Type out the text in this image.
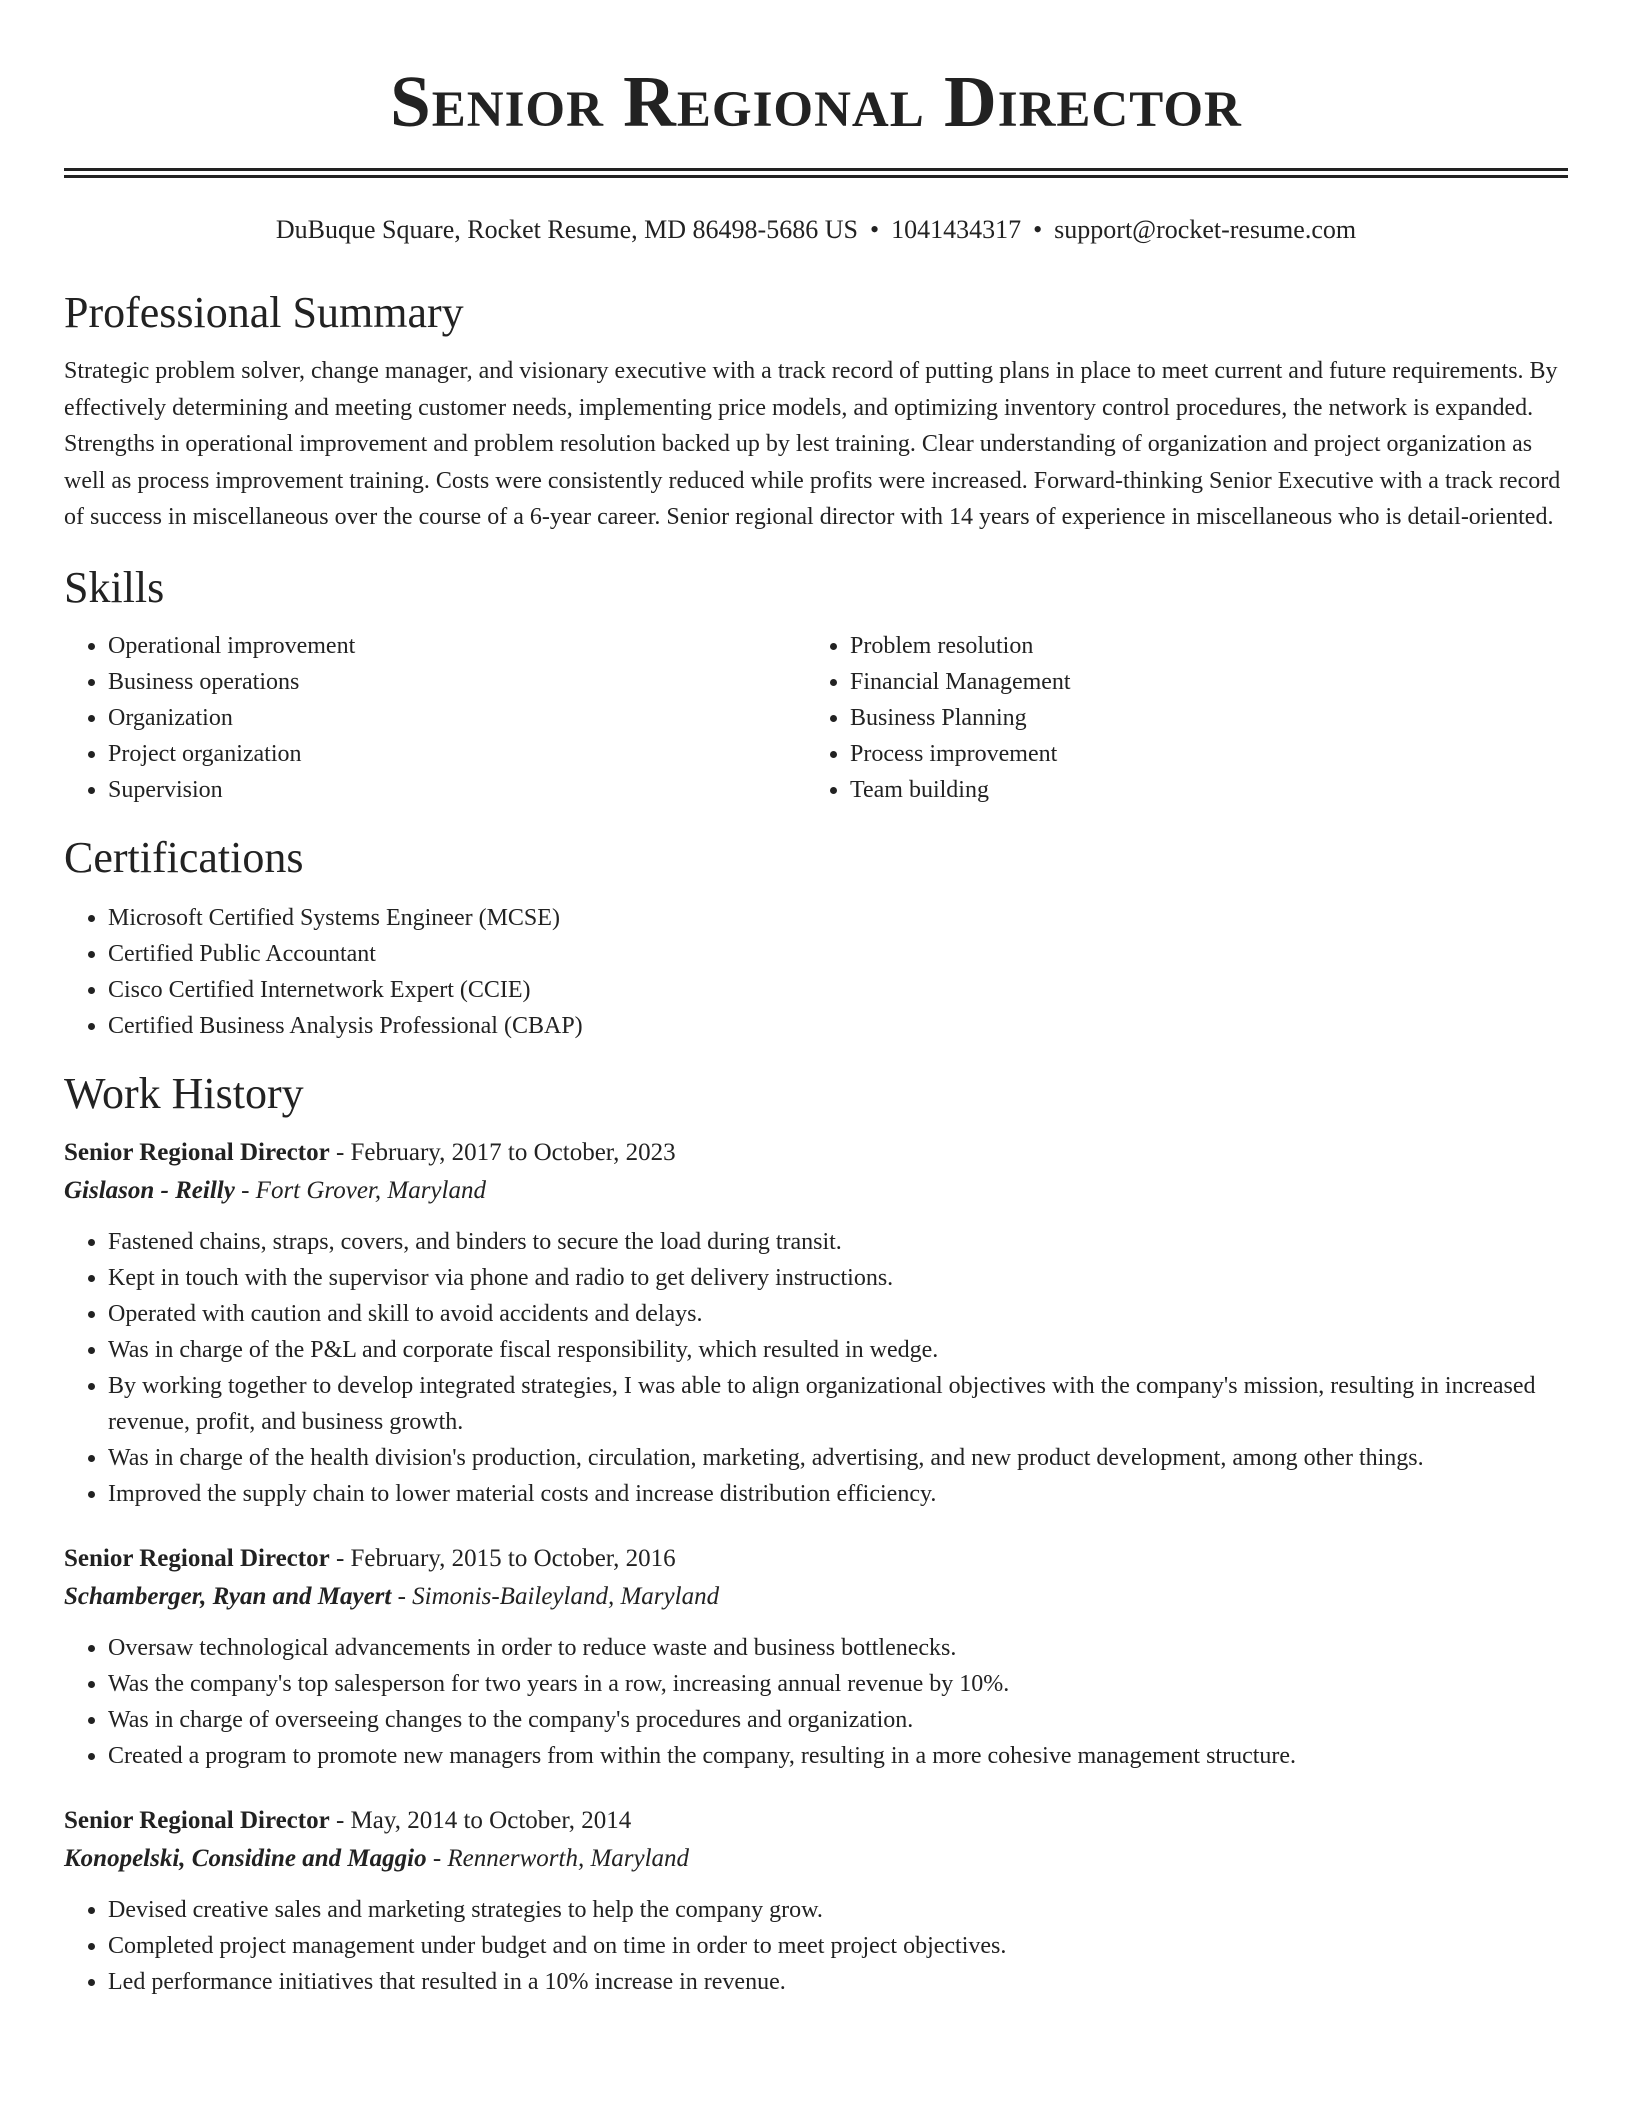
Senior Regional Director
DuBuque Square, Rocket Resume, MD 86498-5686 US • 1041434317 • support@rocket-resume.com
Professional Summary

Strategic problem solver, change manager, and visionary executive with a track record of putting plans in place to meet current and future requirements. By effectively determining and meeting customer needs, implementing price models, and optimizing inventory control procedures, the network is expanded. Strengths in operational improvement and problem resolution backed up by lest training. Clear understanding of organization and project organization as well as process improvement training. Costs were consistently reduced while profits were increased. Forward-thinking Senior Executive with a track record of success in miscellaneous over the course of a 6-year career. Senior regional director with 14 years of experience in miscellaneous who is detail-oriented.

Skills
• Operational improvement
• Business operations
• Organization
• Project organization
• Supervision
• Problem resolution
• Financial Management
• Business Planning
• Process improvement
• Team building
Certifications
• Microsoft Certified Systems Engineer (MCSE)
• Certified Public Accountant
• Cisco Certified Internetwork Expert (CCIE)
• Certified Business Analysis Professional (CBAP)
Work History
Senior Regional Director - February, 2017 to October, 2023
Gislason - Reilly - Fort Grover, Maryland
• Fastened chains, straps, covers, and binders to secure the load during transit.
• Kept in touch with the supervisor via phone and radio to get delivery instructions.
• Operated with caution and skill to avoid accidents and delays.
• Was in charge of the P&L and corporate fiscal responsibility, which resulted in wedge.
• By working together to develop integrated strategies, I was able to align organizational objectives with the company's mission, resulting in increased revenue, profit, and business growth.
• Was in charge of the health division's production, circulation, marketing, advertising, and new product development, among other things.
• Improved the supply chain to lower material costs and increase distribution efficiency.
Senior Regional Director - February, 2015 to October, 2016
Schamberger, Ryan and Mayert - Simonis-Baileyland, Maryland
• Oversaw technological advancements in order to reduce waste and business bottlenecks.
• Was the company's top salesperson for two years in a row, increasing annual revenue by 10%.
• Was in charge of overseeing changes to the company's procedures and organization.
• Created a program to promote new managers from within the company, resulting in a more cohesive management structure.
Senior Regional Director - May, 2014 to October, 2014
Konopelski, Considine and Maggio - Rennerworth, Maryland
• Devised creative sales and marketing strategies to help the company grow.
• Completed project management under budget and on time in order to meet project objectives.
• Led performance initiatives that resulted in a 10% increase in revenue.
